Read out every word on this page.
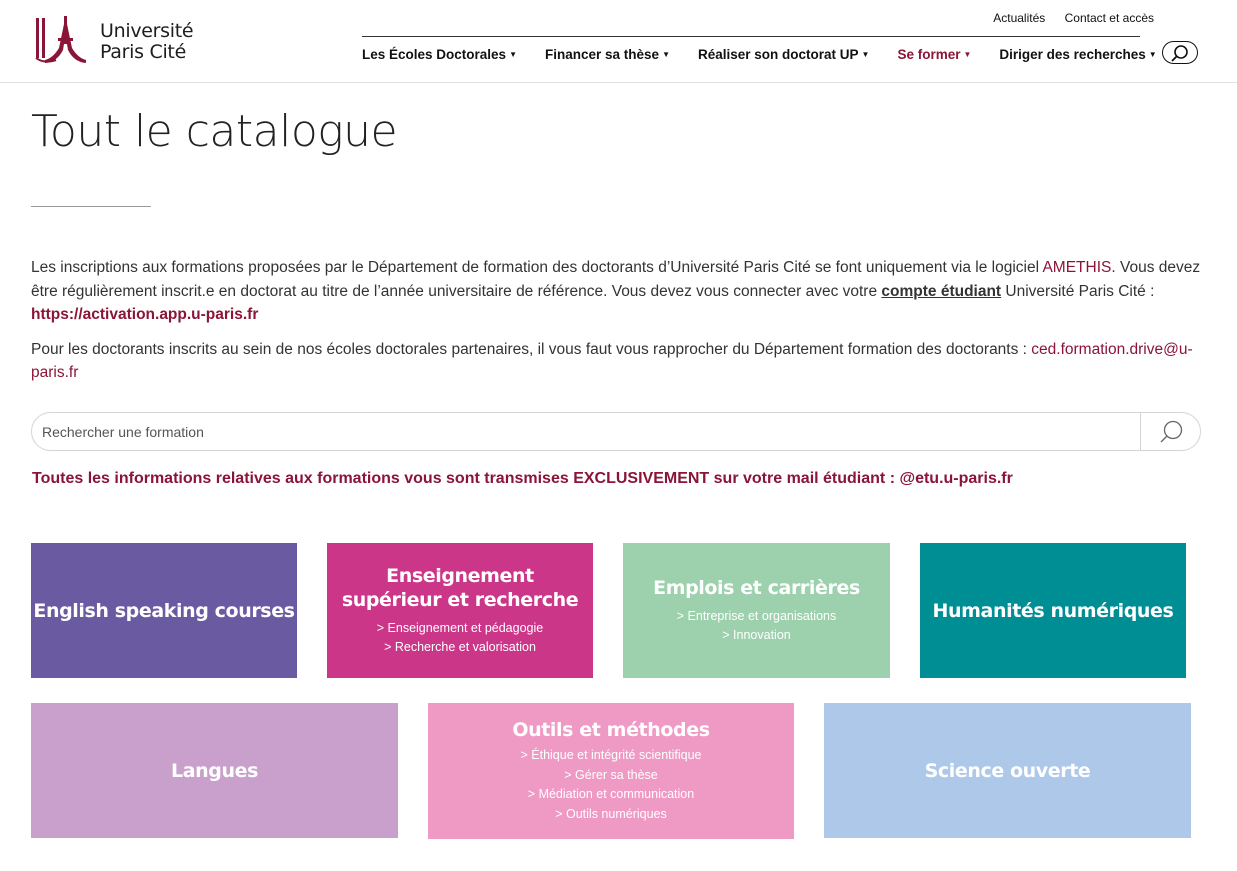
Université
Paris Cité
Actualités Contact et accès
Les Écoles Doctorales ▼ Financer sa thèse ▼ Réaliser son doctorat UP ▼ Se former ▼ Diriger des recherches ▼
Tout le catalogue

Les inscriptions aux formations proposées par le Département de formation des doctorants d’Université Paris Cité se font uniquement via le logiciel AMETHIS. Vous devez être régulièrement inscrit.e en doctorat au titre de l’année universitaire de référence. Vous devez vous connecter avec votre compte étudiant Université Paris Cité : https://activation.app.u-paris.fr

Pour les doctorants inscrits au sein de nos écoles doctorales partenaires, il vous faut vous rapprocher du Département formation des doctorants : ced.formation.drive@u-paris.fr

Rechercher une formation
Toutes les informations relatives aux formations vous sont transmises EXCLUSIVEMENT sur votre mail étudiant : @etu.u-paris.fr
English speaking courses
Enseignement supérieur et recherche
> Enseignement et pédagogie
> Recherche et valorisation
Emplois et carrières
> Entreprise et organisations
> Innovation
Humanités numériques
Langues
Outils et méthodes
> Éthique et intégrité scientifique
> Gérer sa thèse
> Médiation et communication
> Outils numériques
Science ouverte
